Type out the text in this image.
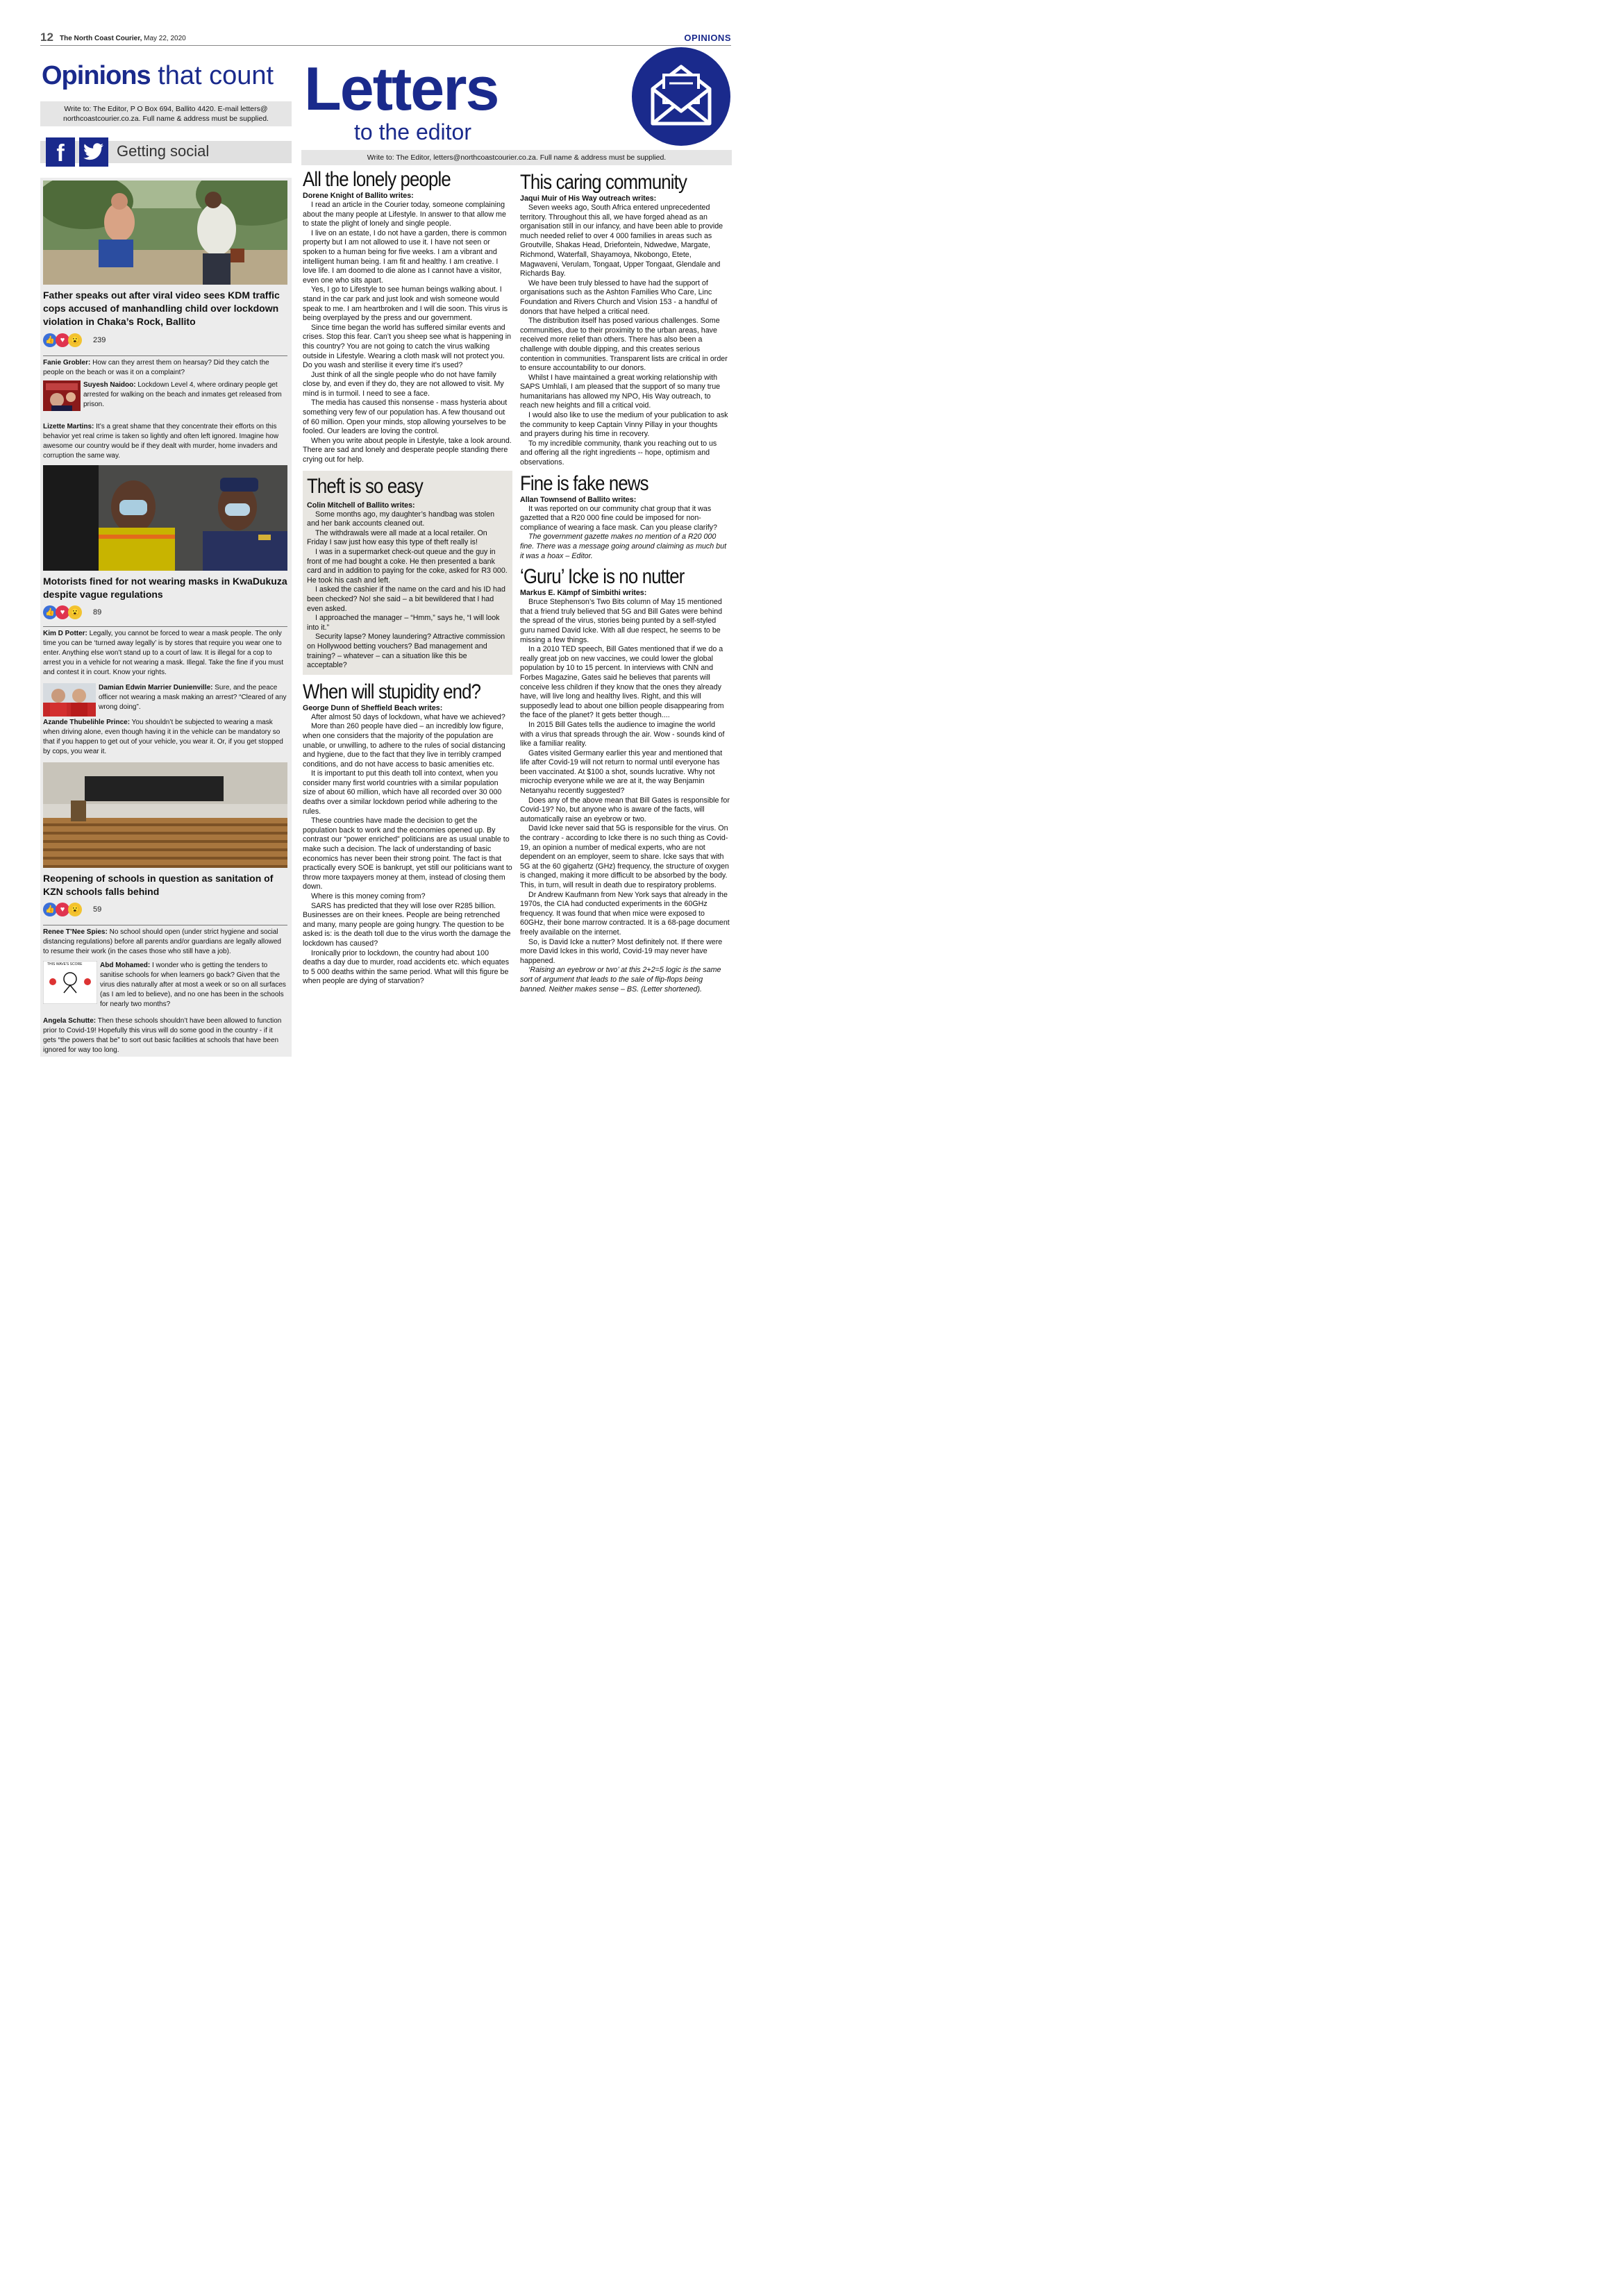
12 The North Coast Courier, May 22, 2020	OPINIONS
Opinions that count
Write to: The Editor, P O Box 694, Ballito 4420. E-mail letters@ northcoastcourier.co.za. Full name & address must be supplied.
f	Getting social
Father speaks out after viral video sees KDM traffic cops accused of manhandling child over lockdown violation in Chaka’s Rock, Ballito
👍 ♥ 😮 239
Fanie Grobler: How can they arrest them on hearsay? Did they catch the people on the beach or was it on a complaint?
Suyesh Naidoo: Lockdown Level 4, where ordinary people get arrested for walking on the beach and inmates get released from prison.
Lizette Martins: It’s a great shame that they concentrate their efforts on this behavior yet real crime is taken so lightly and often left ignored. Imagine how awesome our country would be if they dealt with murder, home invaders and corruption the same way.
Motorists fined for not wearing masks in KwaDukuza despite vague regulations
👍 ♥ 😮 89
Kim D Potter: Legally, you cannot be forced to wear a mask people. The only time you can be ‘turned away legally’ is by stores that require you wear one to enter. Anything else won’t stand up to a court of law. It is illegal for a cop to arrest you in a vehicle for not wearing a mask. Illegal. Take the fine if you must and contest it in court. Know your rights.
Damian Edwin Marrier Dunienville: Sure, and the peace officer not wearing a mask making an arrest? “Cleared of any wrong doing”.
Azande Thubelihle Prince: You shouldn’t be subjected to wearing a mask when driving alone, even though having it in the vehicle can be mandatory so that if you happen to get out of your vehicle, you wear it. Or, if you get stopped by cops, you wear it.
Reopening of schools in question as sanitation of KZN schools falls behind
👍 ♥ 😮 59
Renee T’Nee Spies: No school should open (under strict hygiene and social distancing regulations) before all parents and/or guardians are legally allowed to resume their work (in the cases those who still have a job).
THIS WAVE'S SCORE	Abd Mohamed: I wonder who is getting the tenders to sanitise schools for when learners go back? Given that the virus dies naturally after at most a week or so on all surfaces (as I am led to believe), and no one has been in the schools for nearly two months?
Angela Schutte: Then these schools shouldn’t have been allowed to function prior to Covid-19! Hopefully this virus will do some good in the country - if it gets “the powers that be” to sort out basic facilities at schools that have been ignored for way too long.
Letters
to the editor
Write to: The Editor, letters@northcoastcourier.co.za. Full name & address must be supplied.
All the lonely people
Dorene Knight of Ballito writes:

I read an article in the Courier today, someone complaining about the many people at Lifestyle. In answer to that allow me to state the plight of lonely and single people.

I live on an estate, I do not have a garden, there is common property but I am not allowed to use it. I have not seen or spoken to a human being for five weeks. I am a vibrant and intelligent human being. I am fit and healthy. I am creative. I love life. I am doomed to die alone as I cannot have a visitor, even one who sits apart.

Yes, I go to Lifestyle to see human beings walking about. I stand in the car park and just look and wish someone would speak to me. I am heartbroken and I will die soon. This virus is being overplayed by the press and our government.

Since time began the world has suffered similar events and crises. Stop this fear. Can’t you sheep see what is happening in this country? You are not going to catch the virus walking outside in Lifestyle. Wearing a cloth mask will not protect you. Do you wash and sterilise it every time it’s used?

Just think of all the single people who do not have family close by, and even if they do, they are not allowed to visit. My mind is in turmoil. I need to see a face.

The media has caused this nonsense - mass hysteria about something very few of our population has. A few thousand out of 60 million. Open your minds, stop allowing yourselves to be fooled. Our leaders are loving the control.

When you write about people in Lifestyle, take a look around. There are sad and lonely and desperate people standing there crying out for help.

Theft is so easy
Colin Mitchell of Ballito writes:

Some months ago, my daughter’s handbag was stolen and her bank accounts cleaned out.

The withdrawals were all made at a local retailer. On Friday I saw just how easy this type of theft really is!

I was in a supermarket check-out queue and the guy in front of me had bought a coke. He then presented a bank card and in addition to paying for the coke, asked for R3 000. He took his cash and left.

I asked the cashier if the name on the card and his ID had been checked? No! she said – a bit bewildered that I had even asked.

I approached the manager – “Hmm,” says he, “I will look into it.”

Security lapse? Money laundering? Attractive commission on Hollywood betting vouchers? Bad management and training? – whatever – can a situation like this be acceptable?

When will stupidity end?
George Dunn of Sheffield Beach writes:

After almost 50 days of lockdown, what have we achieved?

More than 260 people have died – an incredibly low figure, when one considers that the majority of the population are unable, or unwilling, to adhere to the rules of social distancing and hygiene, due to the fact that they live in terribly cramped conditions, and do not have access to basic amenities etc.

It is important to put this death toll into context, when you consider many first world countries with a similar population size of about 60 million, which have all recorded over 30 000 deaths over a similar lockdown period while adhering to the rules.

These countries have made the decision to get the population back to work and the economies opened up. By contrast our “power enriched” politicians are as usual unable to make such a decision. The lack of understanding of basic economics has never been their strong point. The fact is that practically every SOE is bankrupt, yet still our politicians want to throw more taxpayers money at them, instead of closing them down.

Where is this money coming from?

SARS has predicted that they will lose over R285 billion. Businesses are on their knees. People are being retrenched and many, many people are going hungry. The question to be asked is: is the death toll due to the virus worth the damage the lockdown has caused?

Ironically prior to lockdown, the country had about 100 deaths a day due to murder, road accidents etc. which equates to 5 000 deaths within the same period. What will this figure be when people are dying of starvation?

This caring community
Jaqui Muir of His Way outreach writes:

Seven weeks ago, South Africa entered unprecedented territory. Throughout this all, we have forged ahead as an organisation still in our infancy, and have been able to provide much needed relief to over 4 000 families in areas such as Groutville, Shakas Head, Driefontein, Ndwedwe, Margate, Richmond, Waterfall, Shayamoya, Nkobongo, Etete, Magwaveni, Verulam, Tongaat, Upper Tongaat, Glendale and Richards Bay.

We have been truly blessed to have had the support of organisations such as the Ashton Families Who Care, Linc Foundation and Rivers Church and Vision 153 - a handful of donors that have helped a critical need.

The distribution itself has posed various challenges. Some communities, due to their proximity to the urban areas, have received more relief than others. There has also been a challenge with double dipping, and this creates serious contention in communities. Transparent lists are critical in order to ensure accountability to our donors.

Whilst I have maintained a great working relationship with SAPS Umhlali, I am pleased that the support of so many true humanitarians has allowed my NPO, His Way outreach, to reach new heights and fill a critical void.

I would also like to use the medium of your publication to ask the community to keep Captain Vinny Pillay in your thoughts and prayers during his time in recovery.

To my incredible community, thank you reaching out to us and offering all the right ingredients -- hope, optimism and observations.

Fine is fake news
Allan Townsend of Ballito writes:

It was reported on our community chat group that it was gazetted that a R20 000 fine could be imposed for non-compliance of wearing a face mask. Can you please clarify?

The government gazette makes no mention of a R20 000 fine. There was a message going around claiming as much but it was a hoax – Editor.

‘Guru’ Icke is no nutter
Markus E. Kämpf of Simbithi writes:

Bruce Stephenson’s Two Bits column of May 15 mentioned that a friend truly believed that 5G and Bill Gates were behind the spread of the virus, stories being punted by a self-styled guru named David Icke. With all due respect, he seems to be missing a few things.

In a 2010 TED speech, Bill Gates mentioned that if we do a really great job on new vaccines, we could lower the global population by 10 to 15 percent. In interviews with CNN and Forbes Magazine, Gates said he believes that parents will conceive less children if they know that the ones they already have, will live long and healthy lives. Right, and this will supposedly lead to about one billion people disappearing from the face of the planet? It gets better though....

In 2015 Bill Gates tells the audience to imagine the world with a virus that spreads through the air. Wow - sounds kind of like a familiar reality.

Gates visited Germany earlier this year and mentioned that life after Covid-19 will not return to normal until everyone has been vaccinated. At $100 a shot, sounds lucrative. Why not microchip everyone while we are at it, the way Benjamin Netanyahu recently suggested?

Does any of the above mean that Bill Gates is responsible for Covid-19? No, but anyone who is aware of the facts, will automatically raise an eyebrow or two.

David Icke never said that 5G is responsible for the virus. On the contrary - according to Icke there is no such thing as Covid-19, an opinion a number of medical experts, who are not dependent on an employer, seem to share. Icke says that with 5G at the 60 gigahertz (GHz) frequency, the structure of oxygen is changed, making it more difficult to be absorbed by the body. This, in turn, will result in death due to respiratory problems.

Dr Andrew Kaufmann from New York says that already in the 1970s, the CIA had conducted experiments in the 60GHz frequency. It was found that when mice were exposed to 60GHz, their bone marrow contracted. It is a 68-page document freely available on the internet.

So, is David Icke a nutter? Most definitely not. If there were more David Ickes in this world, Covid-19 may never have happened.

‘Raising an eyebrow or two’ at this 2+2=5 logic is the same sort of argument that leads to the sale of flip-flops being banned. Neither makes sense – BS. (Letter shortened).
